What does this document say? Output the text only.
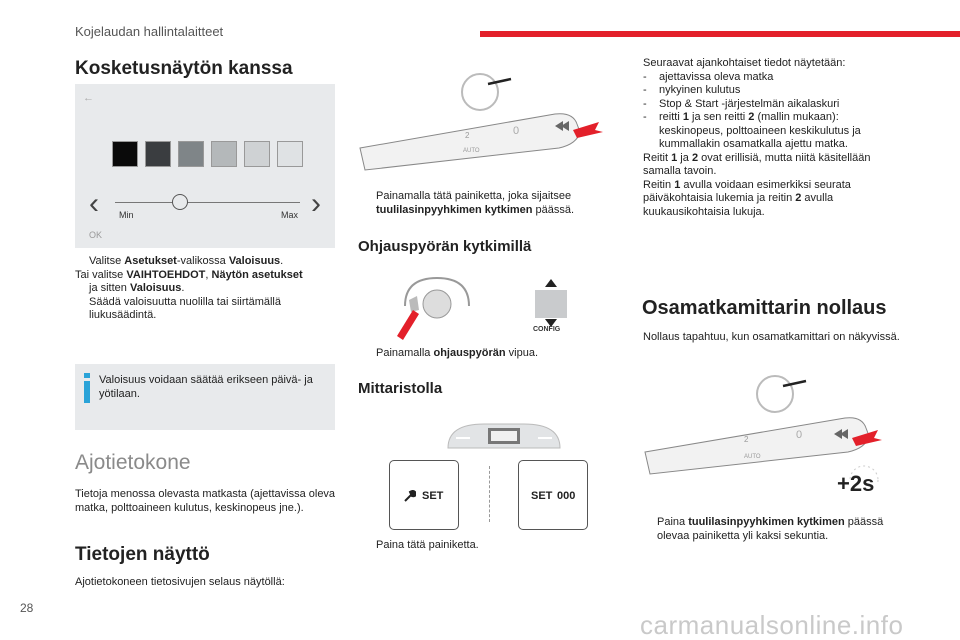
Kojelaudan hallintalaitteet
Kosketusnäytön kanssa
←
‹	›
Min	Max
OK
Valitse Asetukset-valikossa Valoisuus.
Tai valitse VAIHTOEHDOT, Näytön asetukset
ja sitten Valoisuus.
Säädä valoisuutta nuolilla tai siirtämällä liukusäädintä.
Valoisuus voidaan säätää erikseen päivä- ja yötilaan.
Ajotietokone
Tietoja menossa olevasta matkasta (ajettavissa oleva matka, polttoaineen kulutus, keskinopeus jne.).
Tietojen näyttö
Ajotietokoneen tietosivujen selaus näytöllä:
28
2
AUTO
0
Painamalla tätä painiketta, joka sijaitsee tuulilasinpyyhkimen kytkimen päässä.
Ohjauspyörän kytkimillä
CONFIG
Painamalla ohjauspyörän vipua.
Mittaristolla
SET	SET 000
Paina tätä painiketta.
Seuraavat ajankohtaiset tiedot näytetään:
-	ajettavissa oleva matka
-	nykyinen kulutus
-	Stop & Start -järjestelmän aikalaskuri
-	reitti 1 ja sen reitti 2 (mallin mukaan): keskinopeus, polttoaineen keskikulutus ja kummallakin osamatkalla ajettu matka.
Reitit 1 ja 2 ovat erillisiä, mutta niitä käsitellään samalla tavoin.
Reitin 1 avulla voidaan esimerkiksi seurata päiväkohtaisia lukemia ja reitin 2 avulla kuukausikohtaisia lukuja.
Osamatkamittarin nollaus
Nollaus tapahtuu, kun osamatkamittari on näkyvissä.
2
AUTO
0
+2s
Paina tuulilasinpyyhkimen kytkimen päässä olevaa painiketta yli kaksi sekuntia.
carmanualsonline.info
